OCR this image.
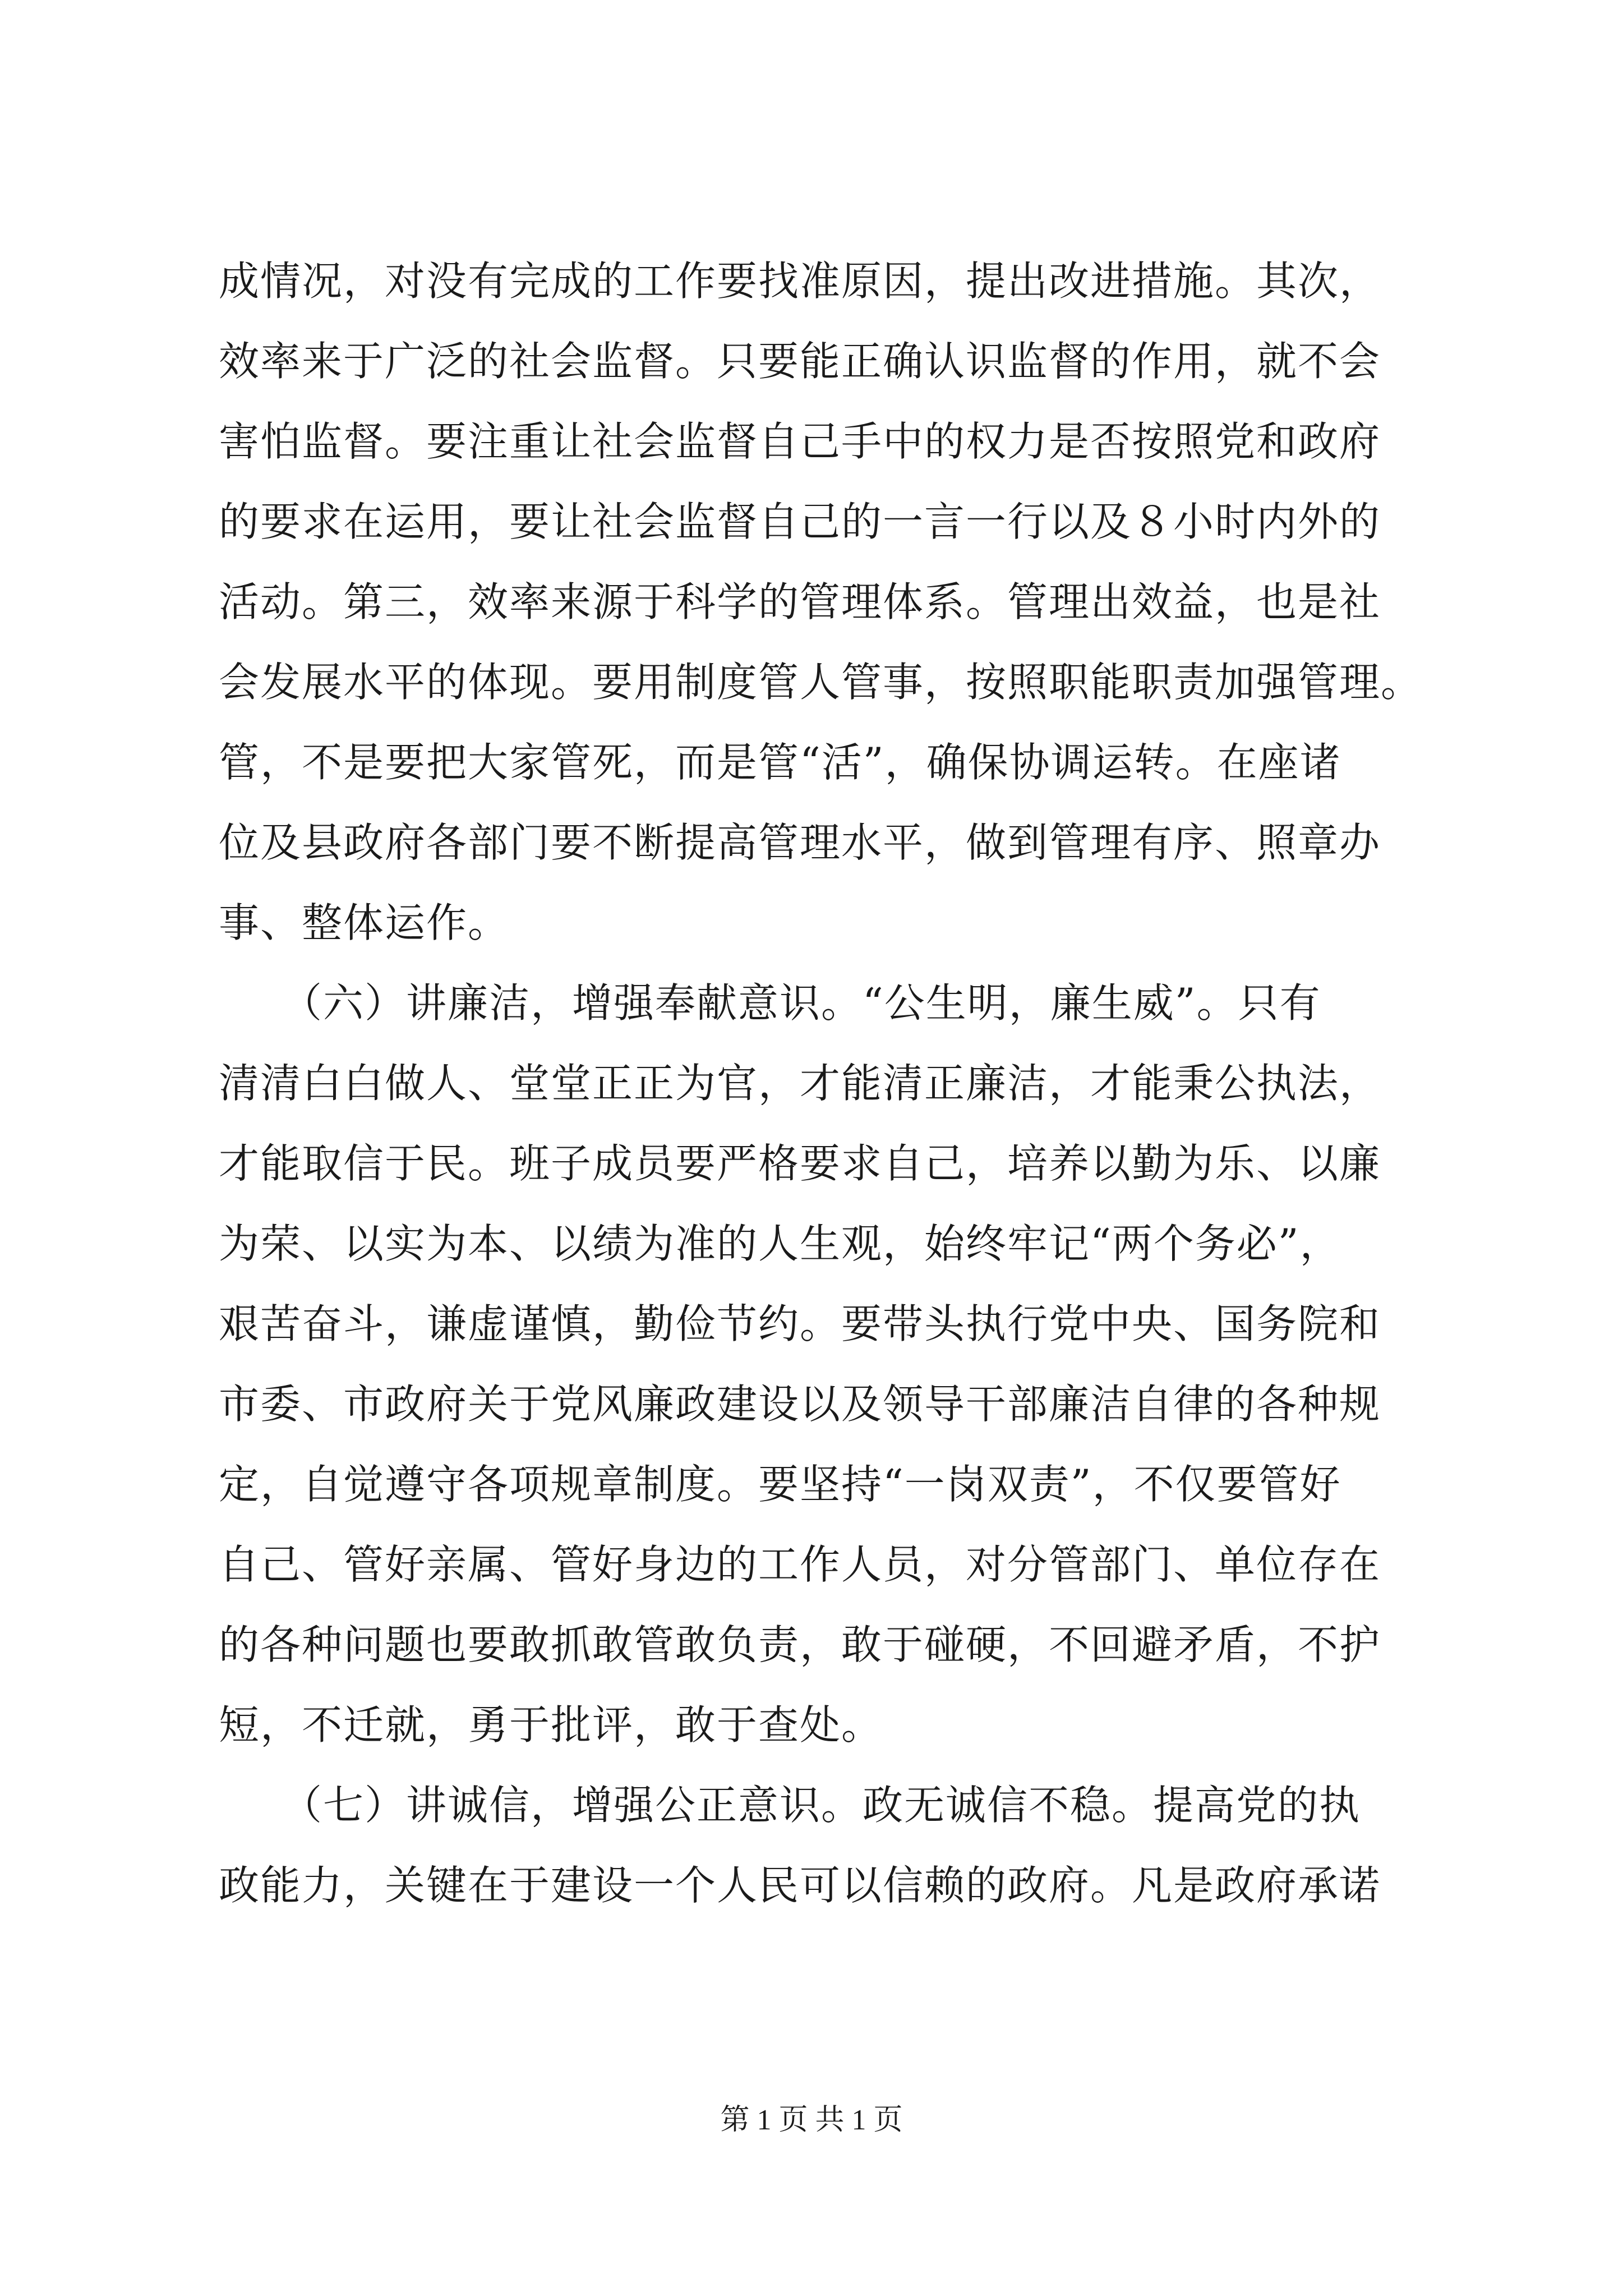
成情况，对没有完成的工作要找准原因，提出改进措施。其次，
效率来于广泛的社会监督。只要能正确认识监督的作用，就不会
害怕监督。要注重让社会监督自己手中的权力是否按照党和政府
的要求在运用，要让社会监督自己的一言一行以及８小时内外的
活动。第三，效率来源于科学的管理体系。管理出效益，也是社
会发展水平的体现。要用制度管人管事，按照职能职责加强管理。
管，不是要把大家管死，而是管“活”，确保协调运转。在座诸
位及县政府各部门要不断提高管理水平，做到管理有序、照章办
事、整体运作。
　　（六）讲廉洁，增强奉献意识。“公生明，廉生威”。只有
清清白白做人、堂堂正正为官，才能清正廉洁，才能秉公执法，
才能取信于民。班子成员要严格要求自己，培养以勤为乐、以廉
为荣、以实为本、以绩为准的人生观，始终牢记“两个务必”，
艰苦奋斗，谦虚谨慎，勤俭节约。要带头执行党中央、国务院和
市委、市政府关于党风廉政建设以及领导干部廉洁自律的各种规
定，自觉遵守各项规章制度。要坚持“一岗双责”，不仅要管好
自己、管好亲属、管好身边的工作人员，对分管部门、单位存在
的各种问题也要敢抓敢管敢负责，敢于碰硬，不回避矛盾，不护
短，不迁就，勇于批评，敢于查处。
　　（七）讲诚信，增强公正意识。政无诚信不稳。提高党的执
政能力，关键在于建设一个人民可以信赖的政府。凡是政府承诺
第 1 页 共 1 页
